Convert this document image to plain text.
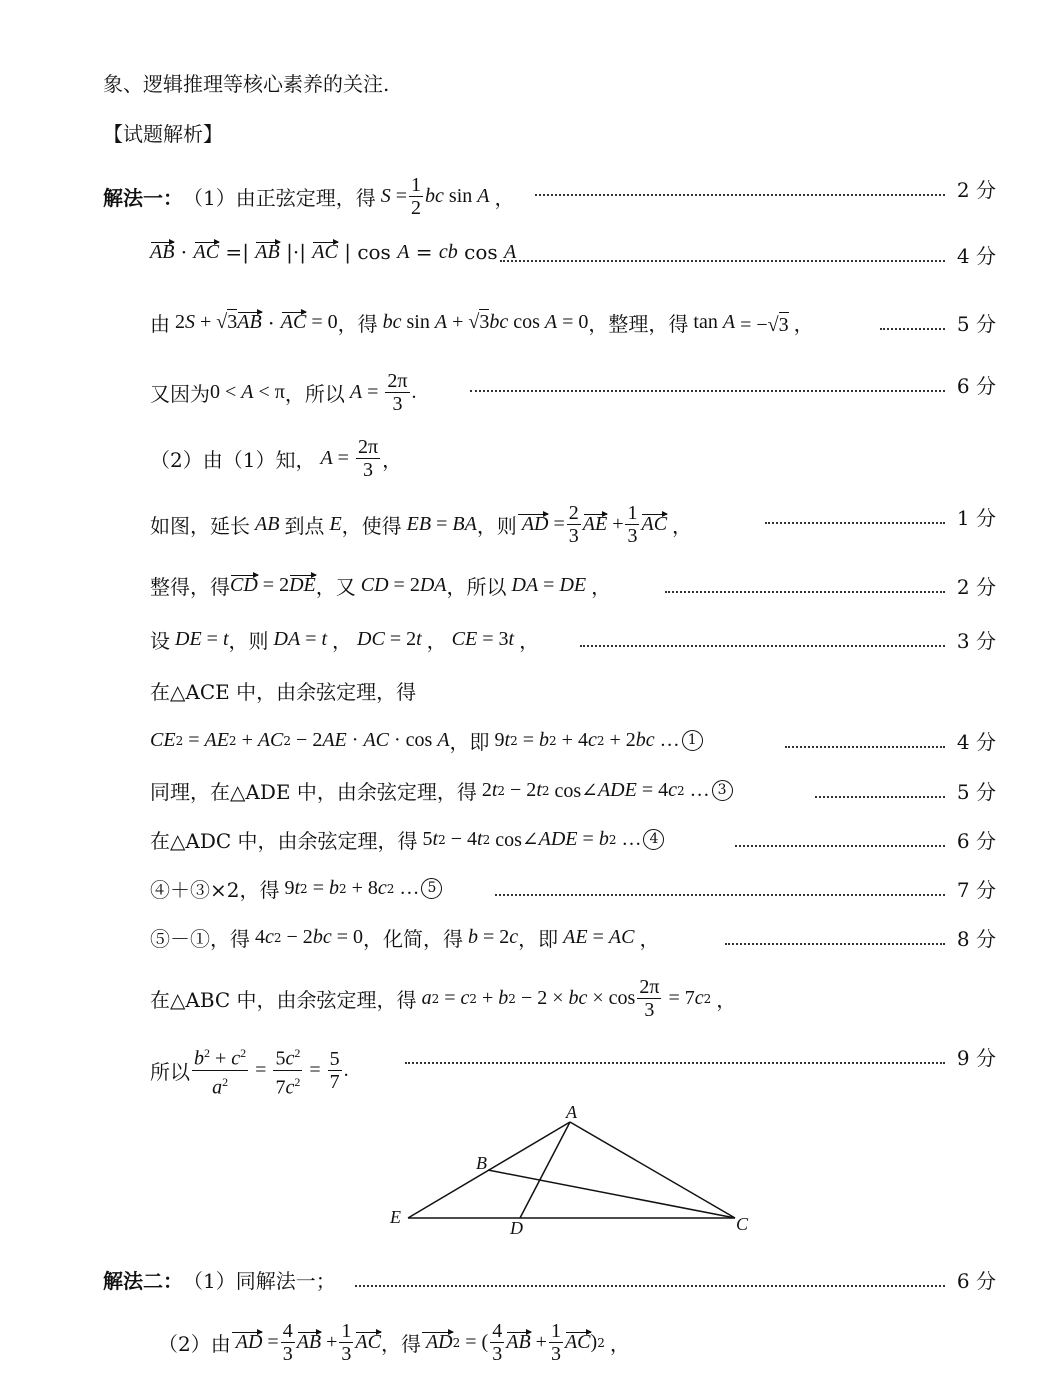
象、逻辑推理等核心素养的关注.
【试题解析】
解法一： （1）由正弦定理，得 $S = \frac{1}{2}$ bc sin A ，	2 分
AB · AC =| AB |·| AC | cos A = cb cos A	4 分
由 2 S + √3 AB · AC = 0 ，得 bc sin A + √3 bc cos A = 0 ，整理，得 tan A = −√3 ，	5 分
又因为 0 < A < π ，所以 $A = \frac{2\pi}{3}$ .	6 分
（2）由（1）知， $A = \frac{2\pi}{3}$ ，
如图，延长 AB 到点 E ，使得 EB = BA ，则 AD = $\frac{2}{3}$ AE + $\frac{1}{3}$ AC ，	1 分
整得，得 CD = 2 DE ，又 CD = 2 DA ，所以 DA = DE ，	2 分
设 DE = t ，则 DA = t ， DC = 2 t ， CE = 3 t ，	3 分
在△ACE 中，由余弦定理，得
CE 2 = AE 2 + AC 2 − 2 AE · AC · cos A ，即 9 t 2 = b 2 + 4 c 2 + 2 bc … 1	4 分
同理，在△ADE 中，由余弦定理，得 2 t 2 − 2 t 2 cos∠ ADE = 4 c 2 … 3	5 分
在△ADC 中，由余弦定理，得 5 t 2 − 4 t 2 cos∠ ADE = b 2 … 4	6 分
④＋③×2，得 9 t 2 = b 2 + 8 c 2 … 5	7 分
⑤－①，得 4 c 2 − 2 bc = 0 ，化简，得 b = 2 c ，即 AE = AC ，	8 分
在△ABC 中，由余弦定理，得 a 2 = c 2 + b 2 − 2 × bc × $\cos \frac{2\pi}{3} = 7$ c 2 ，
所以 $\frac{b^2 + c^2}{a^2} = \frac{5c^2}{7c^2} = \frac{5}{7}$ .	9 分
A
B
C
D
E
解法二： （1）同解法一；	6 分
（2）由 AD = $\frac{4}{3}$ AB + $\frac{1}{3}$ AC ，得 AD 2 = ( $\frac{4}{3}$ AB + $\frac{1}{3}$ AC ) 2 ，
